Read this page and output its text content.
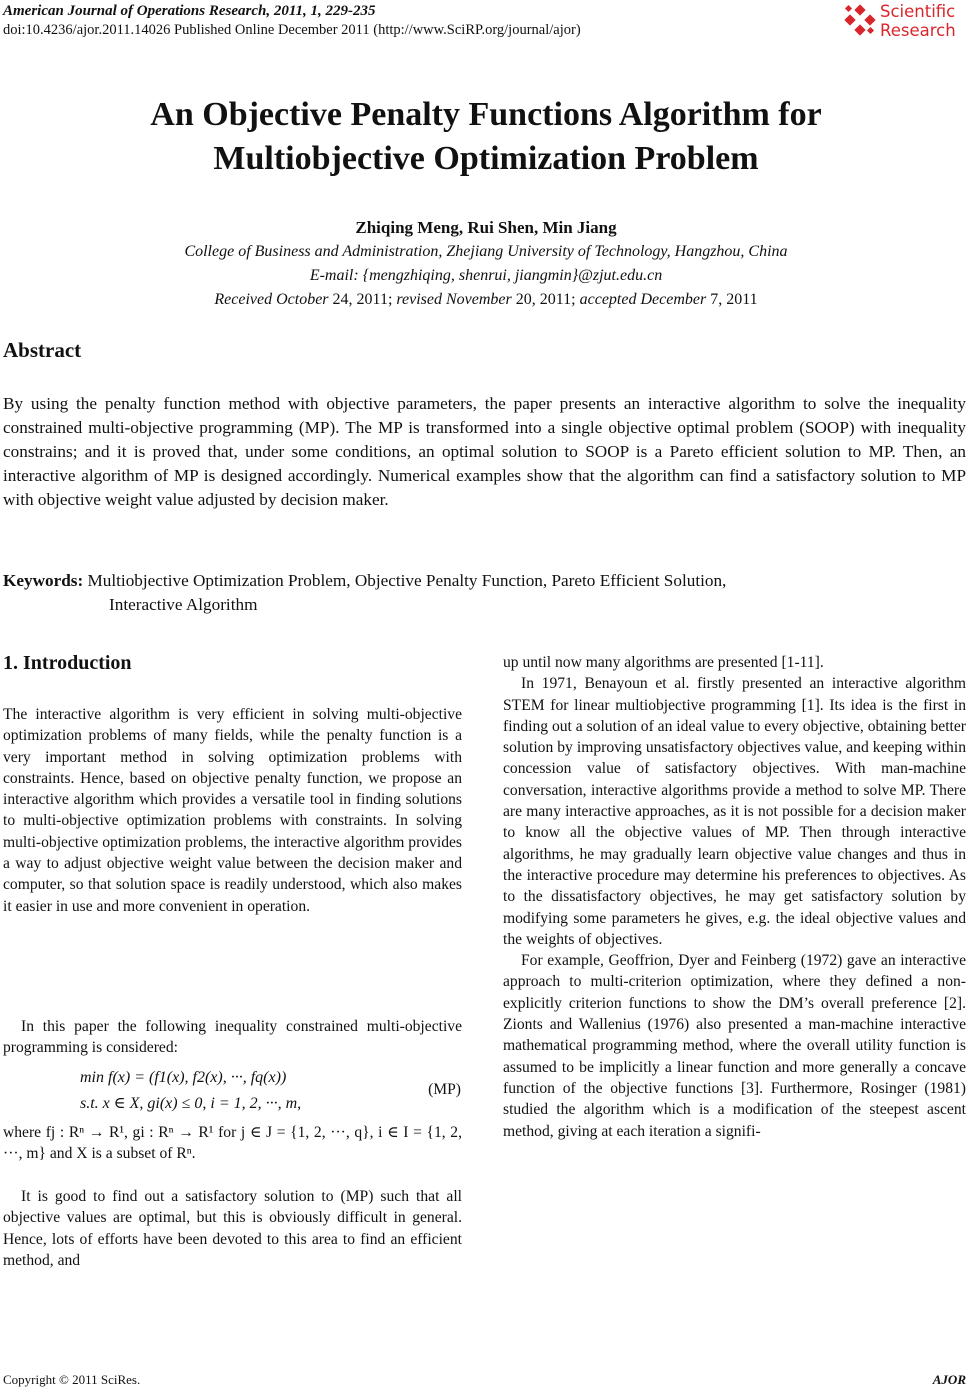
American Journal of Operations Research, 2011, 1, 229-235
doi:10.4236/ajor.2011.14026 Published Online December 2011 (http://www.SciRP.org/journal/ajor)
Scientific
Research
An Objective Penalty Functions Algorithm for
Multiobjective Optimization Problem
Zhiqing Meng, Rui Shen, Min Jiang
College of Business and Administration, Zhejiang University of Technology, Hangzhou, China
E-mail: {mengzhiqing, shenrui, jiangmin}@zjut.edu.cn
Received October 24, 2011; revised November 20, 2011; accepted December 7, 2011
Abstract
By using the penalty function method with objective parameters, the paper presents an interactive algorithm to solve the inequality constrained multi-objective programming (MP). The MP is transformed into a single objective optimal problem (SOOP) with inequality constrains; and it is proved that, under some conditions, an optimal solution to SOOP is a Pareto efficient solution to MP. Then, an interactive algorithm of MP is designed accordingly. Numerical examples show that the algorithm can find a satisfactory solution to MP with objective weight value adjusted by decision maker.
Keywords: Multiobjective Optimization Problem, Objective Penalty Function, Pareto Efficient Solution,
Interactive Algorithm
1. Introduction
The interactive algorithm is very efficient in solving multi-objective optimization problems of many fields, while the penalty function is a very important method in solving optimization problems with constraints. Hence, based on objective penalty function, we propose an interactive algorithm which provides a versatile tool in finding solutions to multi-objective optimization problems with constraints. In solving multi-objective optimization problems, the interactive algorithm provides a way to adjust objective weight value between the decision maker and computer, so that solution space is readily understood, which also makes it easier in use and more convenient in operation.
In this paper the following inequality constrained multi-objective programming is considered:
min f(x) = (f1(x), f2(x), ···, fq(x))
s.t. x ∈ X, gi(x) ≤ 0, i = 1, 2, ···, m,
(MP)
where fj : Rⁿ → R¹, gi : Rⁿ → R¹ for j ∈ J = {1, 2, ···, q}, i ∈ I = {1, 2, ···, m} and X is a subset of Rⁿ.
It is good to find out a satisfactory solution to (MP) such that all objective values are optimal, but this is obviously difficult in general. Hence, lots of efforts have been devoted to this area to find an efficient method, and

up until now many algorithms are presented [1-11].

In 1971, Benayoun et al. firstly presented an interactive algorithm STEM for linear multiobjective programming [1]. Its idea is the first in finding out a solution of an ideal value to every objective, obtaining better solution by improving unsatisfactory objectives value, and keeping within concession value of satisfactory objectives. With man-machine conversation, interactive algorithms provide a method to solve MP. There are many interactive approaches, as it is not possible for a decision maker to know all the objective values of MP. Then through interactive algorithms, he may gradually learn objective value changes and thus in the interactive procedure may determine his preferences to objectives. As to the dissatisfactory objectives, he may get satisfactory solution by modifying some parameters he gives, e.g. the ideal objective values and the weights of objectives.

For example, Geoffrion, Dyer and Feinberg (1972) gave an interactive approach to multi-criterion optimization, where they defined a non-explicitly criterion functions to show the DM’s overall preference [2]. Zionts and Wallenius (1976) also presented a man-machine interactive mathematical programming method, where the overall utility function is assumed to be implicitly a linear function and more generally a concave function of the objective functions [3]. Furthermore, Rosinger (1981) studied the algorithm which is a modification of the steepest ascent method, giving at each iteration a signifi-

Copyright © 2011 SciRes.	AJOR
